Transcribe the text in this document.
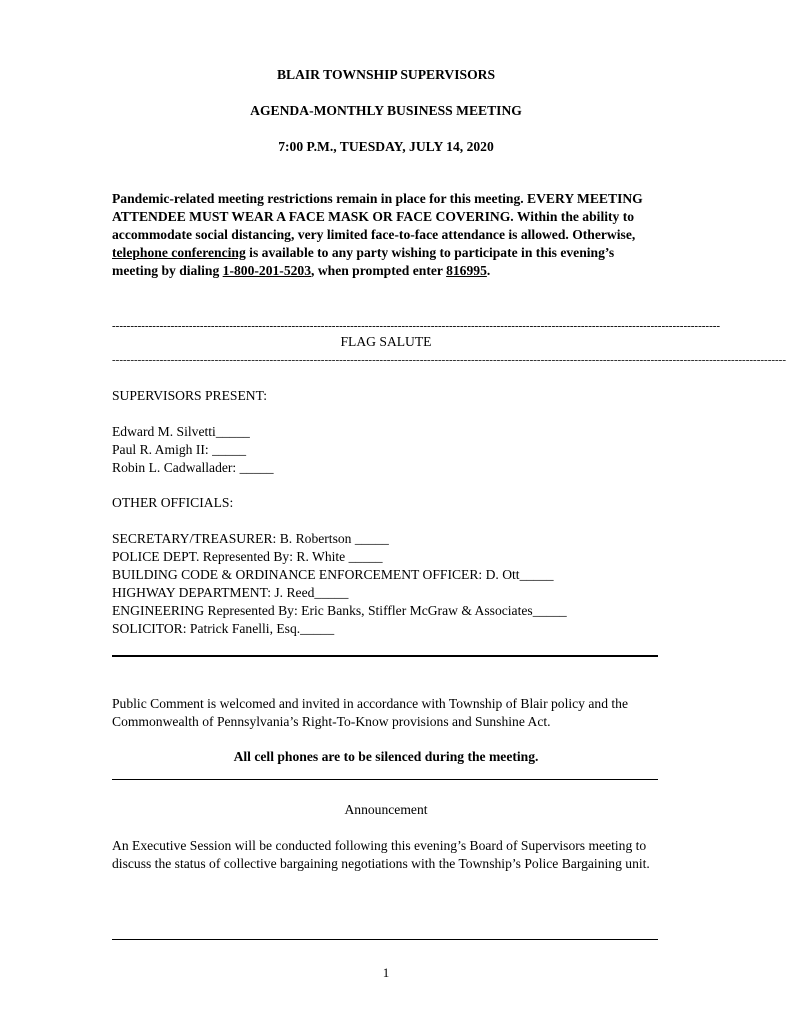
BLAIR TOWNSHIP SUPERVISORS
AGENDA-MONTHLY BUSINESS MEETING
7:00 P.M., TUESDAY, JULY 14, 2020
Pandemic-related meeting restrictions remain in place for this meeting. EVERY MEETING ATTENDEE MUST WEAR A FACE MASK OR FACE COVERING. Within the ability to accommodate social distancing, very limited face-to-face attendance is allowed. Otherwise, telephone conferencing is available to any party wishing to participate in this evening’s meeting by dialing 1-800-201-5203, when prompted enter 816995.
----------------------------------------------------------------------------------------------------------------------------------------------------------------------
FLAG SALUTE
----------------------------------------------------------------------------------------------------------------------------------------------------------------------------------------
SUPERVISORS PRESENT:
Edward M. Silvetti_____
Paul R. Amigh II: _____
Robin L. Cadwallader: _____
OTHER OFFICIALS:
SECRETARY/TREASURER: B. Robertson _____
POLICE DEPT. Represented By: R. White _____
BUILDING CODE & ORDINANCE ENFORCEMENT OFFICER: D. Ott_____
HIGHWAY DEPARTMENT: J. Reed_____
ENGINEERING Represented By: Eric Banks, Stiffler McGraw & Associates_____
SOLICITOR: Patrick Fanelli, Esq._____
Public Comment is welcomed and invited in accordance with Township of Blair policy and the Commonwealth of Pennsylvania’s Right-To-Know provisions and Sunshine Act.
All cell phones are to be silenced during the meeting.
Announcement
An Executive Session will be conducted following this evening’s Board of Supervisors meeting to discuss the status of collective bargaining negotiations with the Township’s Police Bargaining unit.
1
